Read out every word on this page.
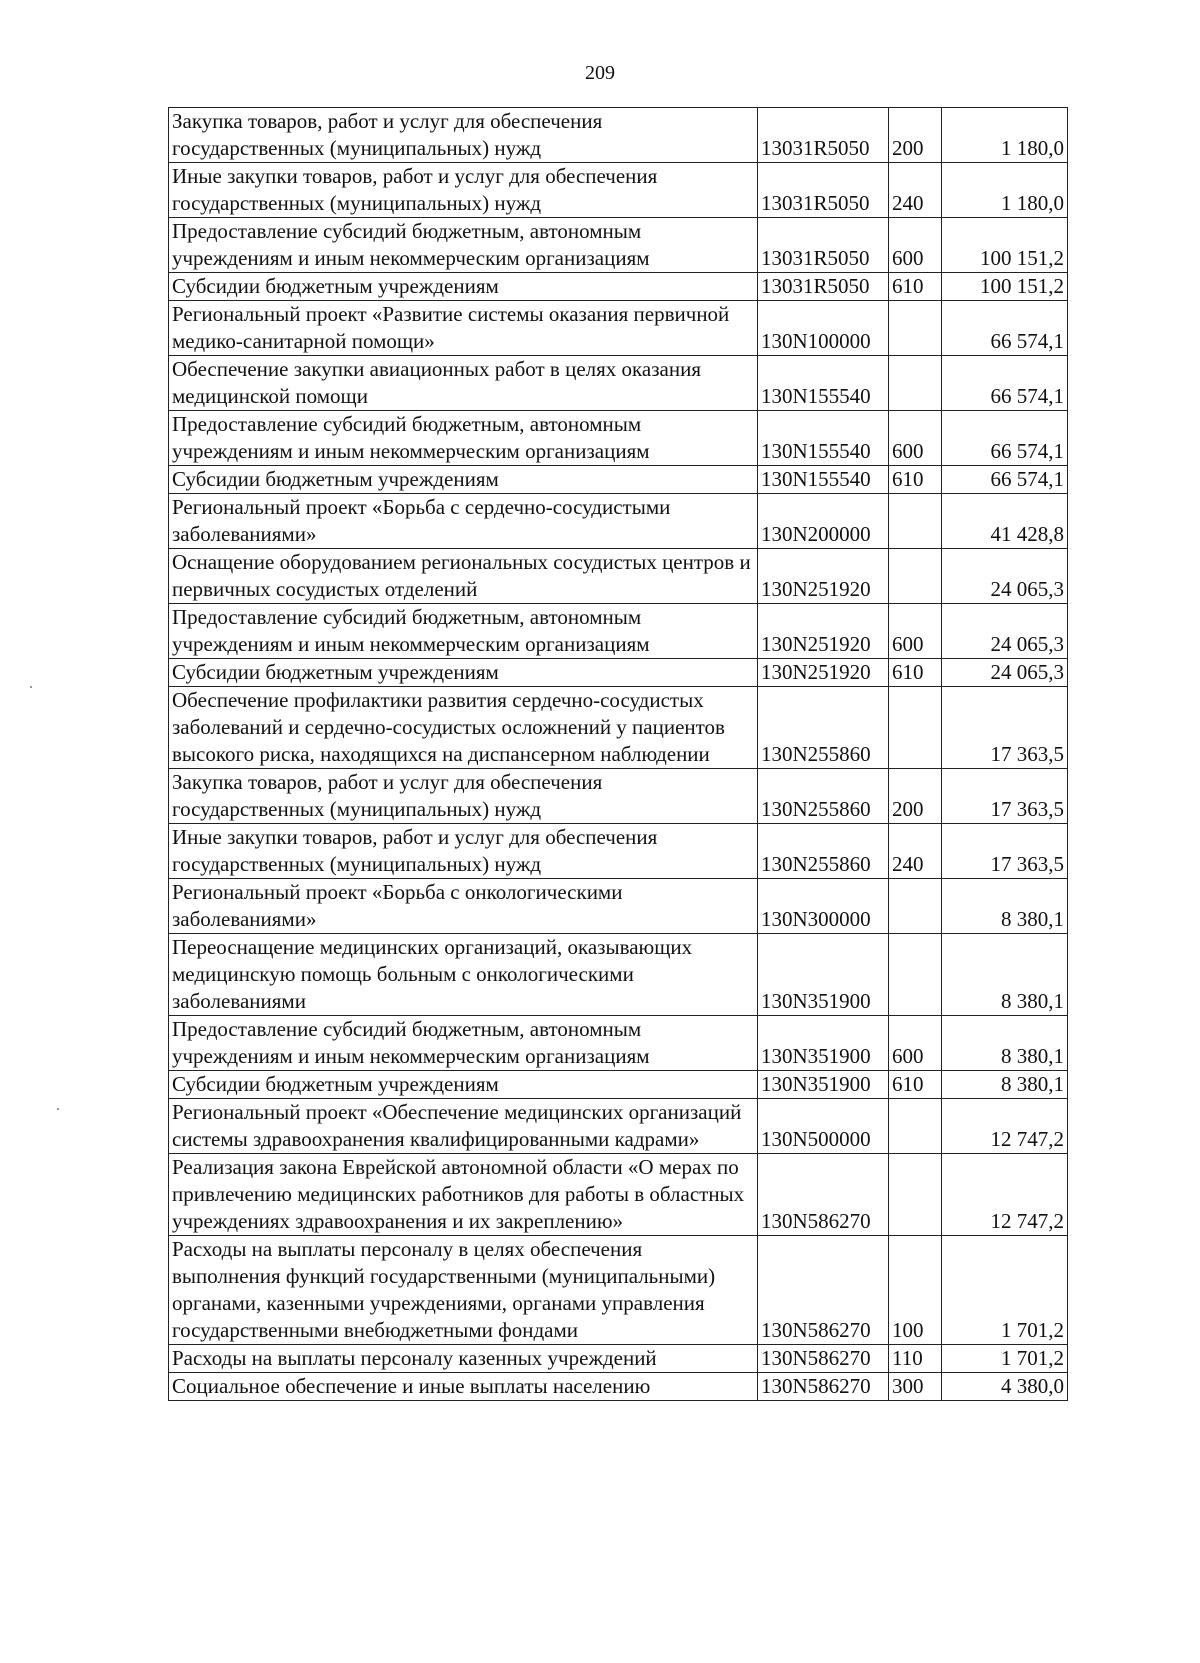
209
Закупка товаров, работ и услуг для обеспечения государственных (муниципальных) нужд	13031R5050	200	1 180,0
Иные закупки товаров, работ и услуг для обеспечения государственных (муниципальных) нужд	13031R5050	240	1 180,0
Предоставление субсидий бюджетным, автономным учреждениям и иным некоммерческим организациям	13031R5050	600	100 151,2
Субсидии бюджетным учреждениям	13031R5050	610	100 151,2
Региональный проект «Развитие системы оказания первичной медико-санитарной помощи»	130N100000		66 574,1
Обеспечение закупки авиационных работ в целях оказания медицинской помощи	130N155540		66 574,1
Предоставление субсидий бюджетным, автономным учреждениям и иным некоммерческим организациям	130N155540	600	66 574,1
Субсидии бюджетным учреждениям	130N155540	610	66 574,1
Региональный проект «Борьба с сердечно-сосудистыми заболеваниями»	130N200000		41 428,8
Оснащение оборудованием региональных сосудистых центров и первичных сосудистых отделений	130N251920		24 065,3
Предоставление субсидий бюджетным, автономным учреждениям и иным некоммерческим организациям	130N251920	600	24 065,3
Субсидии бюджетным учреждениям	130N251920	610	24 065,3
Обеспечение профилактики развития сердечно-сосудистых заболеваний и сердечно-сосудистых осложнений у пациентов высокого риска, находящихся на диспансерном наблюдении	130N255860		17 363,5
Закупка товаров, работ и услуг для обеспечения государственных (муниципальных) нужд	130N255860	200	17 363,5
Иные закупки товаров, работ и услуг для обеспечения государственных (муниципальных) нужд	130N255860	240	17 363,5
Региональный проект «Борьба с онкологическими заболеваниями»	130N300000		8 380,1
Переоснащение медицинских организаций, оказывающих медицинскую помощь больным с онкологическими заболеваниями	130N351900		8 380,1
Предоставление субсидий бюджетным, автономным учреждениям и иным некоммерческим организациям	130N351900	600	8 380,1
Субсидии бюджетным учреждениям	130N351900	610	8 380,1
Региональный проект «Обеспечение медицинских организаций системы здравоохранения квалифицированными кадрами»	130N500000		12 747,2
Реализация закона Еврейской автономной области «О мерах по привлечению медицинских работников для работы в областных учреждениях здравоохранения и их закреплению»	130N586270		12 747,2
Расходы на выплаты персоналу в целях обеспечения выполнения функций государственными (муниципальными) органами, казенными учреждениями, органами управления государственными внебюджетными фондами	130N586270	100	1 701,2
Расходы на выплаты персоналу казенных учреждений	130N586270	110	1 701,2
Социальное обеспечение и иные выплаты населению	130N586270	300	4 380,0
